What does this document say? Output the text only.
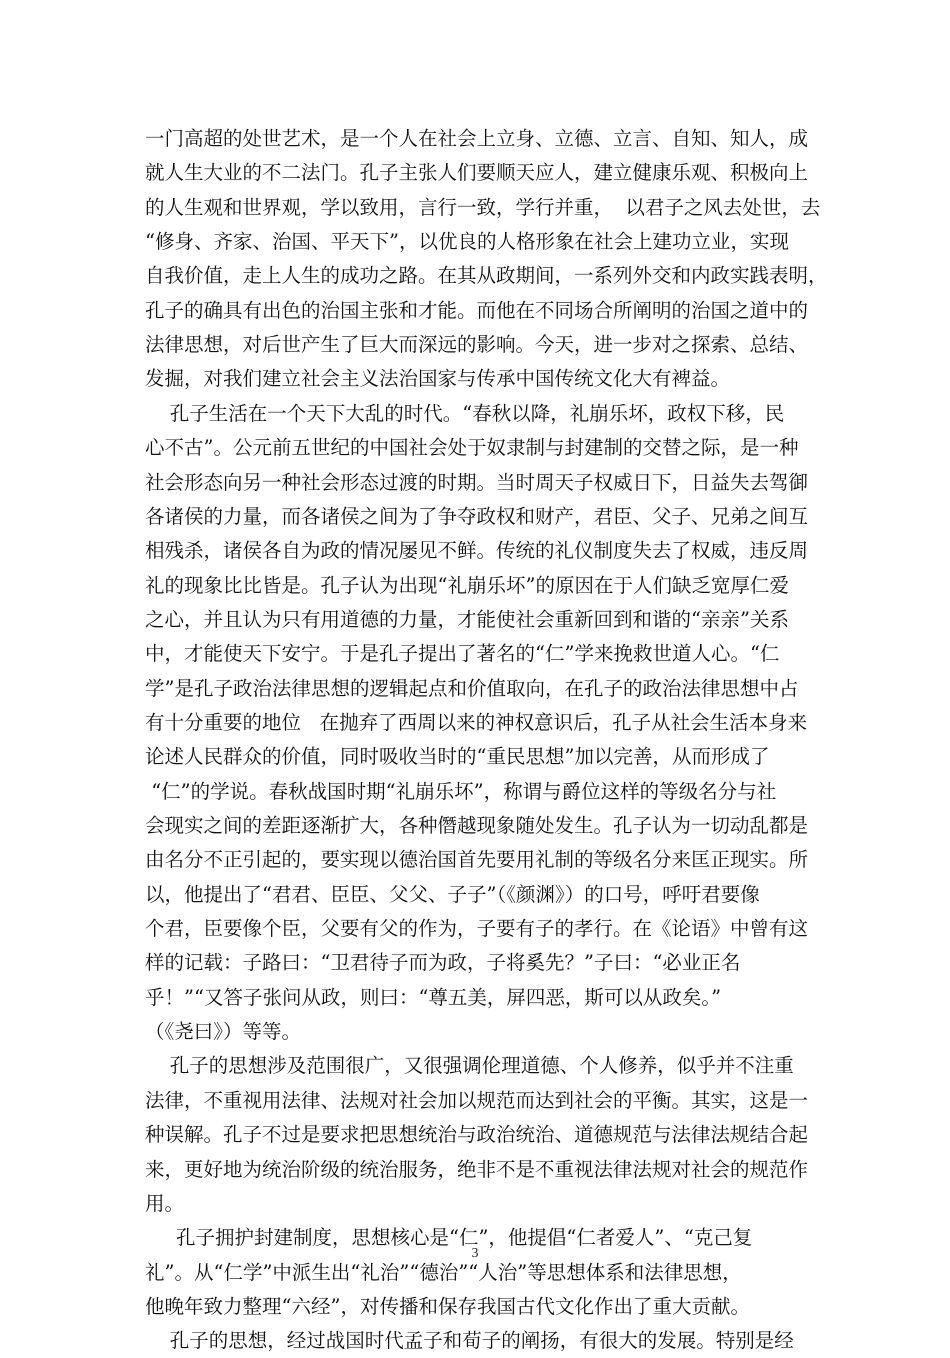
一门高超的处世艺术，是一个人在社会上立身、立德、立言、自知、知人，成
就人生大业的不二法门。孔子主张人们要顺天应人，建立健康乐观、积极向上
的人生观和世界观，学以致用，言行一致，学行并重，  以君子之风去处世，去
“修身、齐家、治国、平天下”，以优良的人格形象在社会上建功立业，实现
自我价值，走上人生的成功之路。在其从政期间，一系列外交和内政实践表明，
孔子的确具有出色的治国主张和才能。而他在不同场合所阐明的治国之道中的
法律思想，对后世产生了巨大而深远的影响。今天，进一步对之探索、总结、
发掘，对我们建立社会主义法治国家与传承中国传统文化大有裨益。
孔子生活在一个天下大乱的时代。“春秋以降，礼崩乐坏，政权下移，民
心不古”。公元前五世纪的中国社会处于奴隶制与封建制的交替之际，是一种
社会形态向另一种社会形态过渡的时期。当时周天子权威日下，日益失去驾御
各诸侯的力量，而各诸侯之间为了争夺政权和财产，君臣、父子、兄弟之间互
相残杀，诸侯各自为政的情况屡见不鲜。传统的礼仪制度失去了权威，违反周
礼的现象比比皆是。孔子认为出现“礼崩乐坏”的原因在于人们缺乏宽厚仁爱
之心，并且认为只有用道德的力量，才能使社会重新回到和谐的“亲亲”关系
中，才能使天下安宁。于是孔子提出了著名的“仁”学来挽救世道人心。“仁
学”是孔子政治法律思想的逻辑起点和价值取向，在孔子的政治法律思想中占
有十分重要的地位   在抛弃了西周以来的神权意识后，孔子从社会生活本身来
论述人民群众的价值，同时吸收当时的“重民思想”加以完善，从而形成了
“仁”的学说。春秋战国时期“礼崩乐坏”，称谓与爵位这样的等级名分与社
会现实之间的差距逐渐扩大，各种僭越现象随处发生。孔子认为一切动乱都是
由名分不正引起的，要实现以德治国首先要用礼制的等级名分来匡正现实。所
以，他提出了“君君、臣臣、父父、子子”（《颜渊》）的口号，呼吁君要像
个君，臣要像个臣，父要有父的作为，子要有子的孝行。在《论语》中曾有这
样的记载：子路曰：“卫君待子而为政，子将奚先？”子曰：“必业正名
乎！”“又答子张问从政，则曰：“尊五美，屏四恶，斯可以从政矣。”
（《尧曰》）等等。
孔子的思想涉及范围很广，又很强调伦理道德、个人修养，似乎并不注重
法律，不重视用法律、法规对社会加以规范而达到社会的平衡。其实，这是一
种误解。孔子不过是要求把思想统治与政治统治、道德规范与法律法规结合起
来，更好地为统治阶级的统治服务，绝非不是不重视法律法规对社会的规范作
用。
孔子拥护封建制度，思想核心是“仁”，他提倡“仁者爱人”、“克己复
礼”。从“仁学”中派生出“礼治”“德治”“人治”等思想体系和法律思想，
他晚年致力整理“六经”，对传播和保存我国古代文化作出了重大贡献。
孔子的思想，经过战国时代孟子和荀子的阐扬，有很大的发展。特别是经
3
